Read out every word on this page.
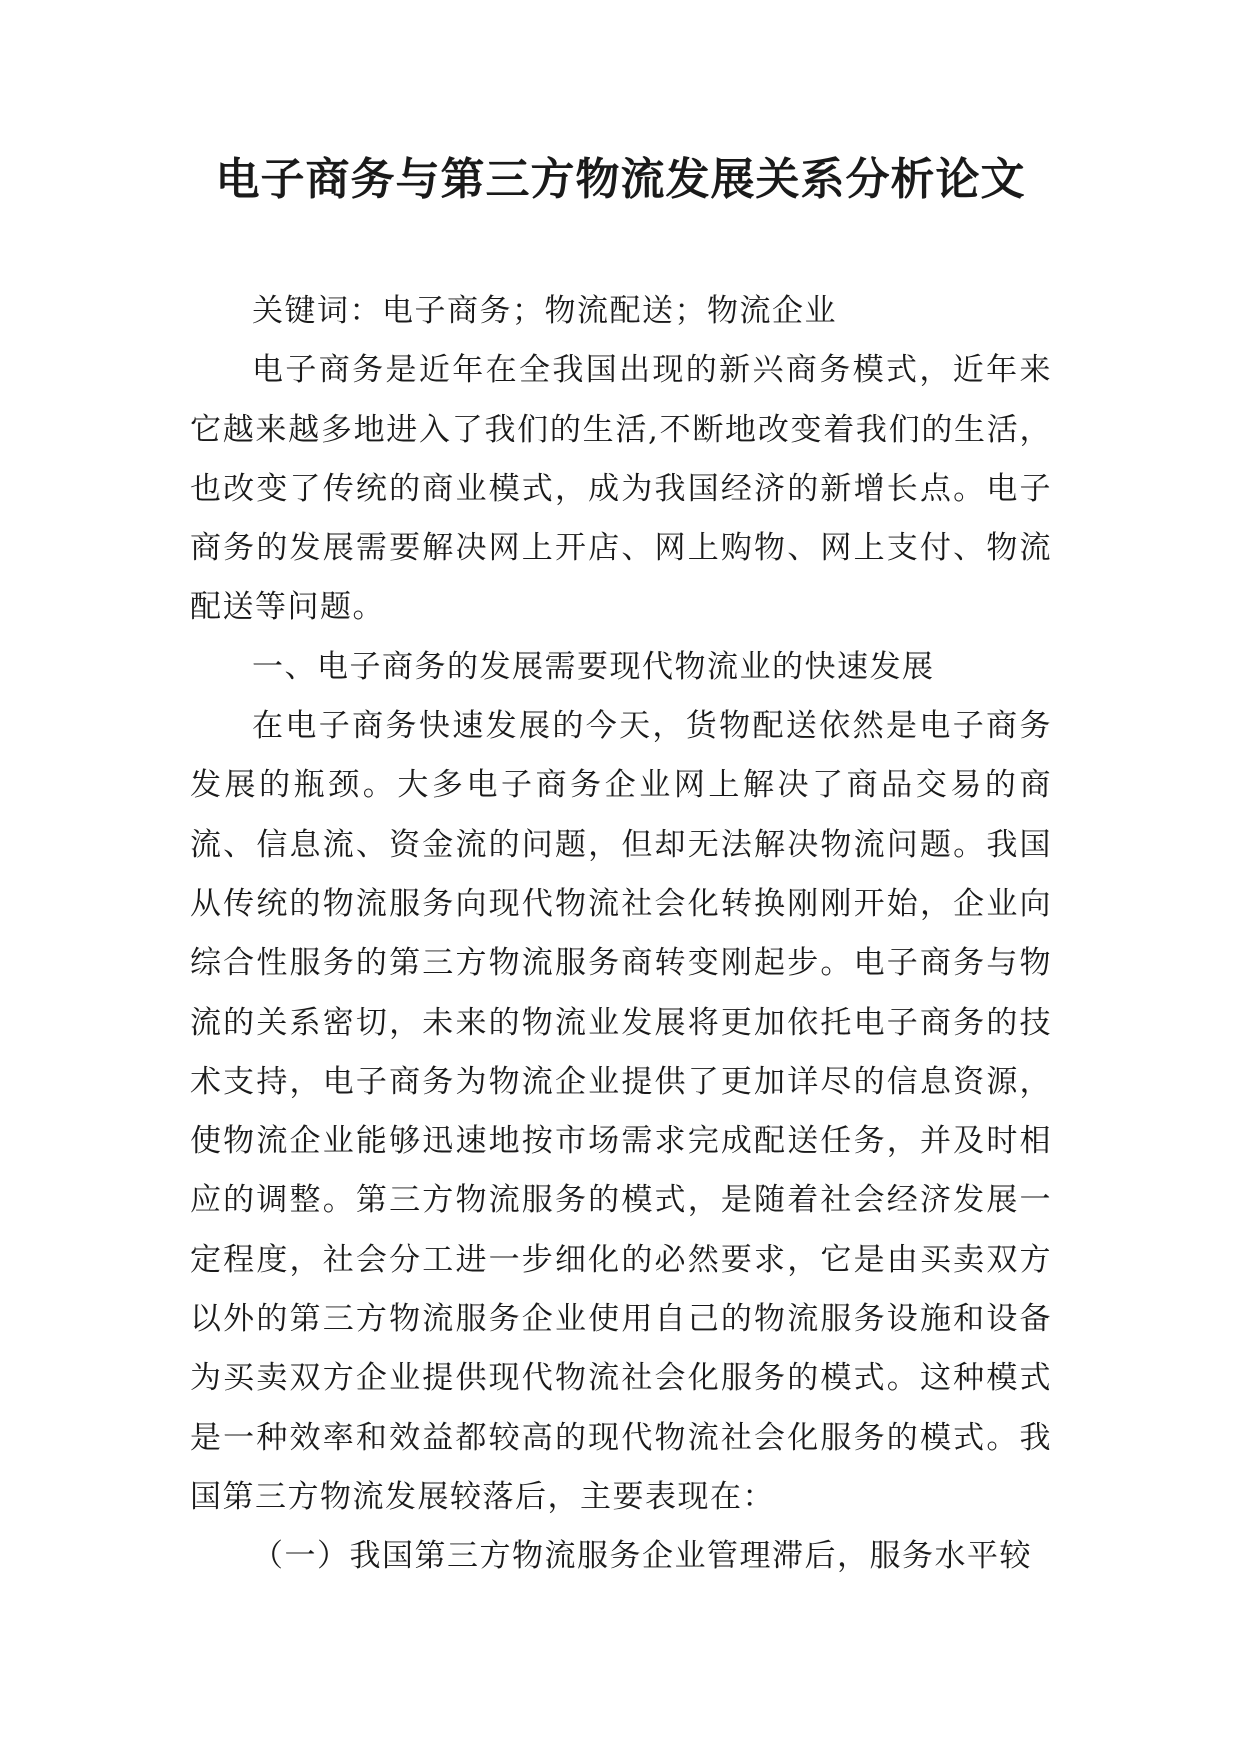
电子商务与第三方物流发展关系分析论文

关键词：电子商务；物流配送；物流企业

电子商务是近年在全我国出现的新兴商务模式，近年来它越来越多地进入了我们的生活,不断地改变着我们的生活，也改变了传统的商业模式，成为我国经济的新增长点。电子商务的发展需要解决网上开店、网上购物、网上支付、物流配送等问题。

一、电子商务的发展需要现代物流业的快速发展

在电子商务快速发展的今天，货物配送依然是电子商务发展的瓶颈。大多电子商务企业网上解决了商品交易的商流、信息流、资金流的问题，但却无法解决物流问题。我国从传统的物流服务向现代物流社会化转换刚刚开始，企业向综合性服务的第三方物流服务商转变刚起步。电子商务与物流的关系密切，未来的物流业发展将更加依托电子商务的技术支持，电子商务为物流企业提供了更加详尽的信息资源，使物流企业能够迅速地按市场需求完成配送任务，并及时相应的调整。第三方物流服务的模式，是随着社会经济发展一定程度，社会分工进一步细化的必然要求，它是由买卖双方以外的第三方物流服务企业使用自己的物流服务设施和设备为买卖双方企业提供现代物流社会化服务的模式。这种模式是一种效率和效益都较高的现代物流社会化服务的模式。我国第三方物流发展较落后，主要表现在：

（一）我国第三方物流服务企业管理滞后，服务水平较
